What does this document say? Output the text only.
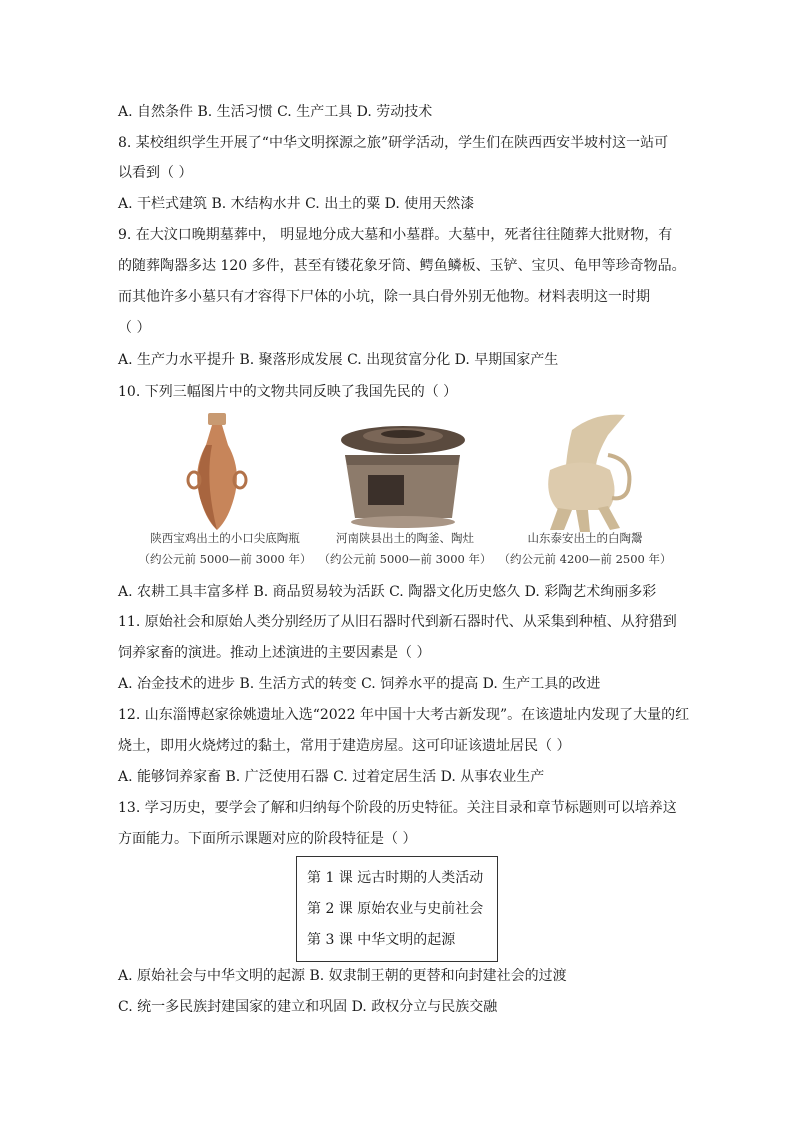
A. 自然条件 B. 生活习惯 C. 生产工具 D. 劳动技术
8. 某校组织学生开展了“中华文明探源之旅”研学活动，学生们在陕西西安半坡村这一站可
以看到（ ）
A. 干栏式建筑 B. 木结构水井 C. 出土的粟 D. 使用天然漆
9. 在大汶口晚期墓葬中， 明显地分成大墓和小墓群。大墓中，死者往往随葬大批财物，有
的随葬陶器多达 120 多件，甚至有镂花象牙筒、鳄鱼鳞板、玉铲、宝贝、龟甲等珍奇物品。
而其他许多小墓只有才容得下尸体的小坑，除一具白骨外别无他物。材料表明这一时期
（ ）
A. 生产力水平提升 B. 聚落形成发展 C. 出现贫富分化 D. 早期国家产生
10. 下列三幅图片中的文物共同反映了我国先民的（ ）
陕西宝鸡出土的小口尖底陶瓶
（约公元前 5000—前 3000 年）
河南陕县出土的陶釜、陶灶
（约公元前 5000—前 3000 年）
山东泰安出土的白陶鬶
（约公元前 4200—前 2500 年）
A. 农耕工具丰富多样 B. 商品贸易较为活跃 C. 陶器文化历史悠久 D. 彩陶艺术绚丽多彩
11. 原始社会和原始人类分别经历了从旧石器时代到新石器时代、从采集到种植、从狩猎到
饲养家畜的演进。推动上述演进的主要因素是（ ）
A. 冶金技术的进步 B. 生活方式的转变 C. 饲养水平的提高 D. 生产工具的改进
12. 山东淄博赵家徐姚遗址入选“2022 年中国十大考古新发现”。在该遗址内发现了大量的红
烧土，即用火烧烤过的黏土，常用于建造房屋。这可印证该遗址居民（ ）
A. 能够饲养家畜 B. 广泛使用石器 C. 过着定居生活 D. 从事农业生产
13. 学习历史，要学会了解和归纳每个阶段的历史特征。关注目录和章节标题则可以培养这
方面能力。下面所示课题对应的阶段特征是（ ）
第 1 课 远古时期的人类活动
第 2 课 原始农业与史前社会
第 3 课 中华文明的起源
A. 原始社会与中华文明的起源 B. 奴隶制王朝的更替和向封建社会的过渡
C. 统一多民族封建国家的建立和巩固 D. 政权分立与民族交融
